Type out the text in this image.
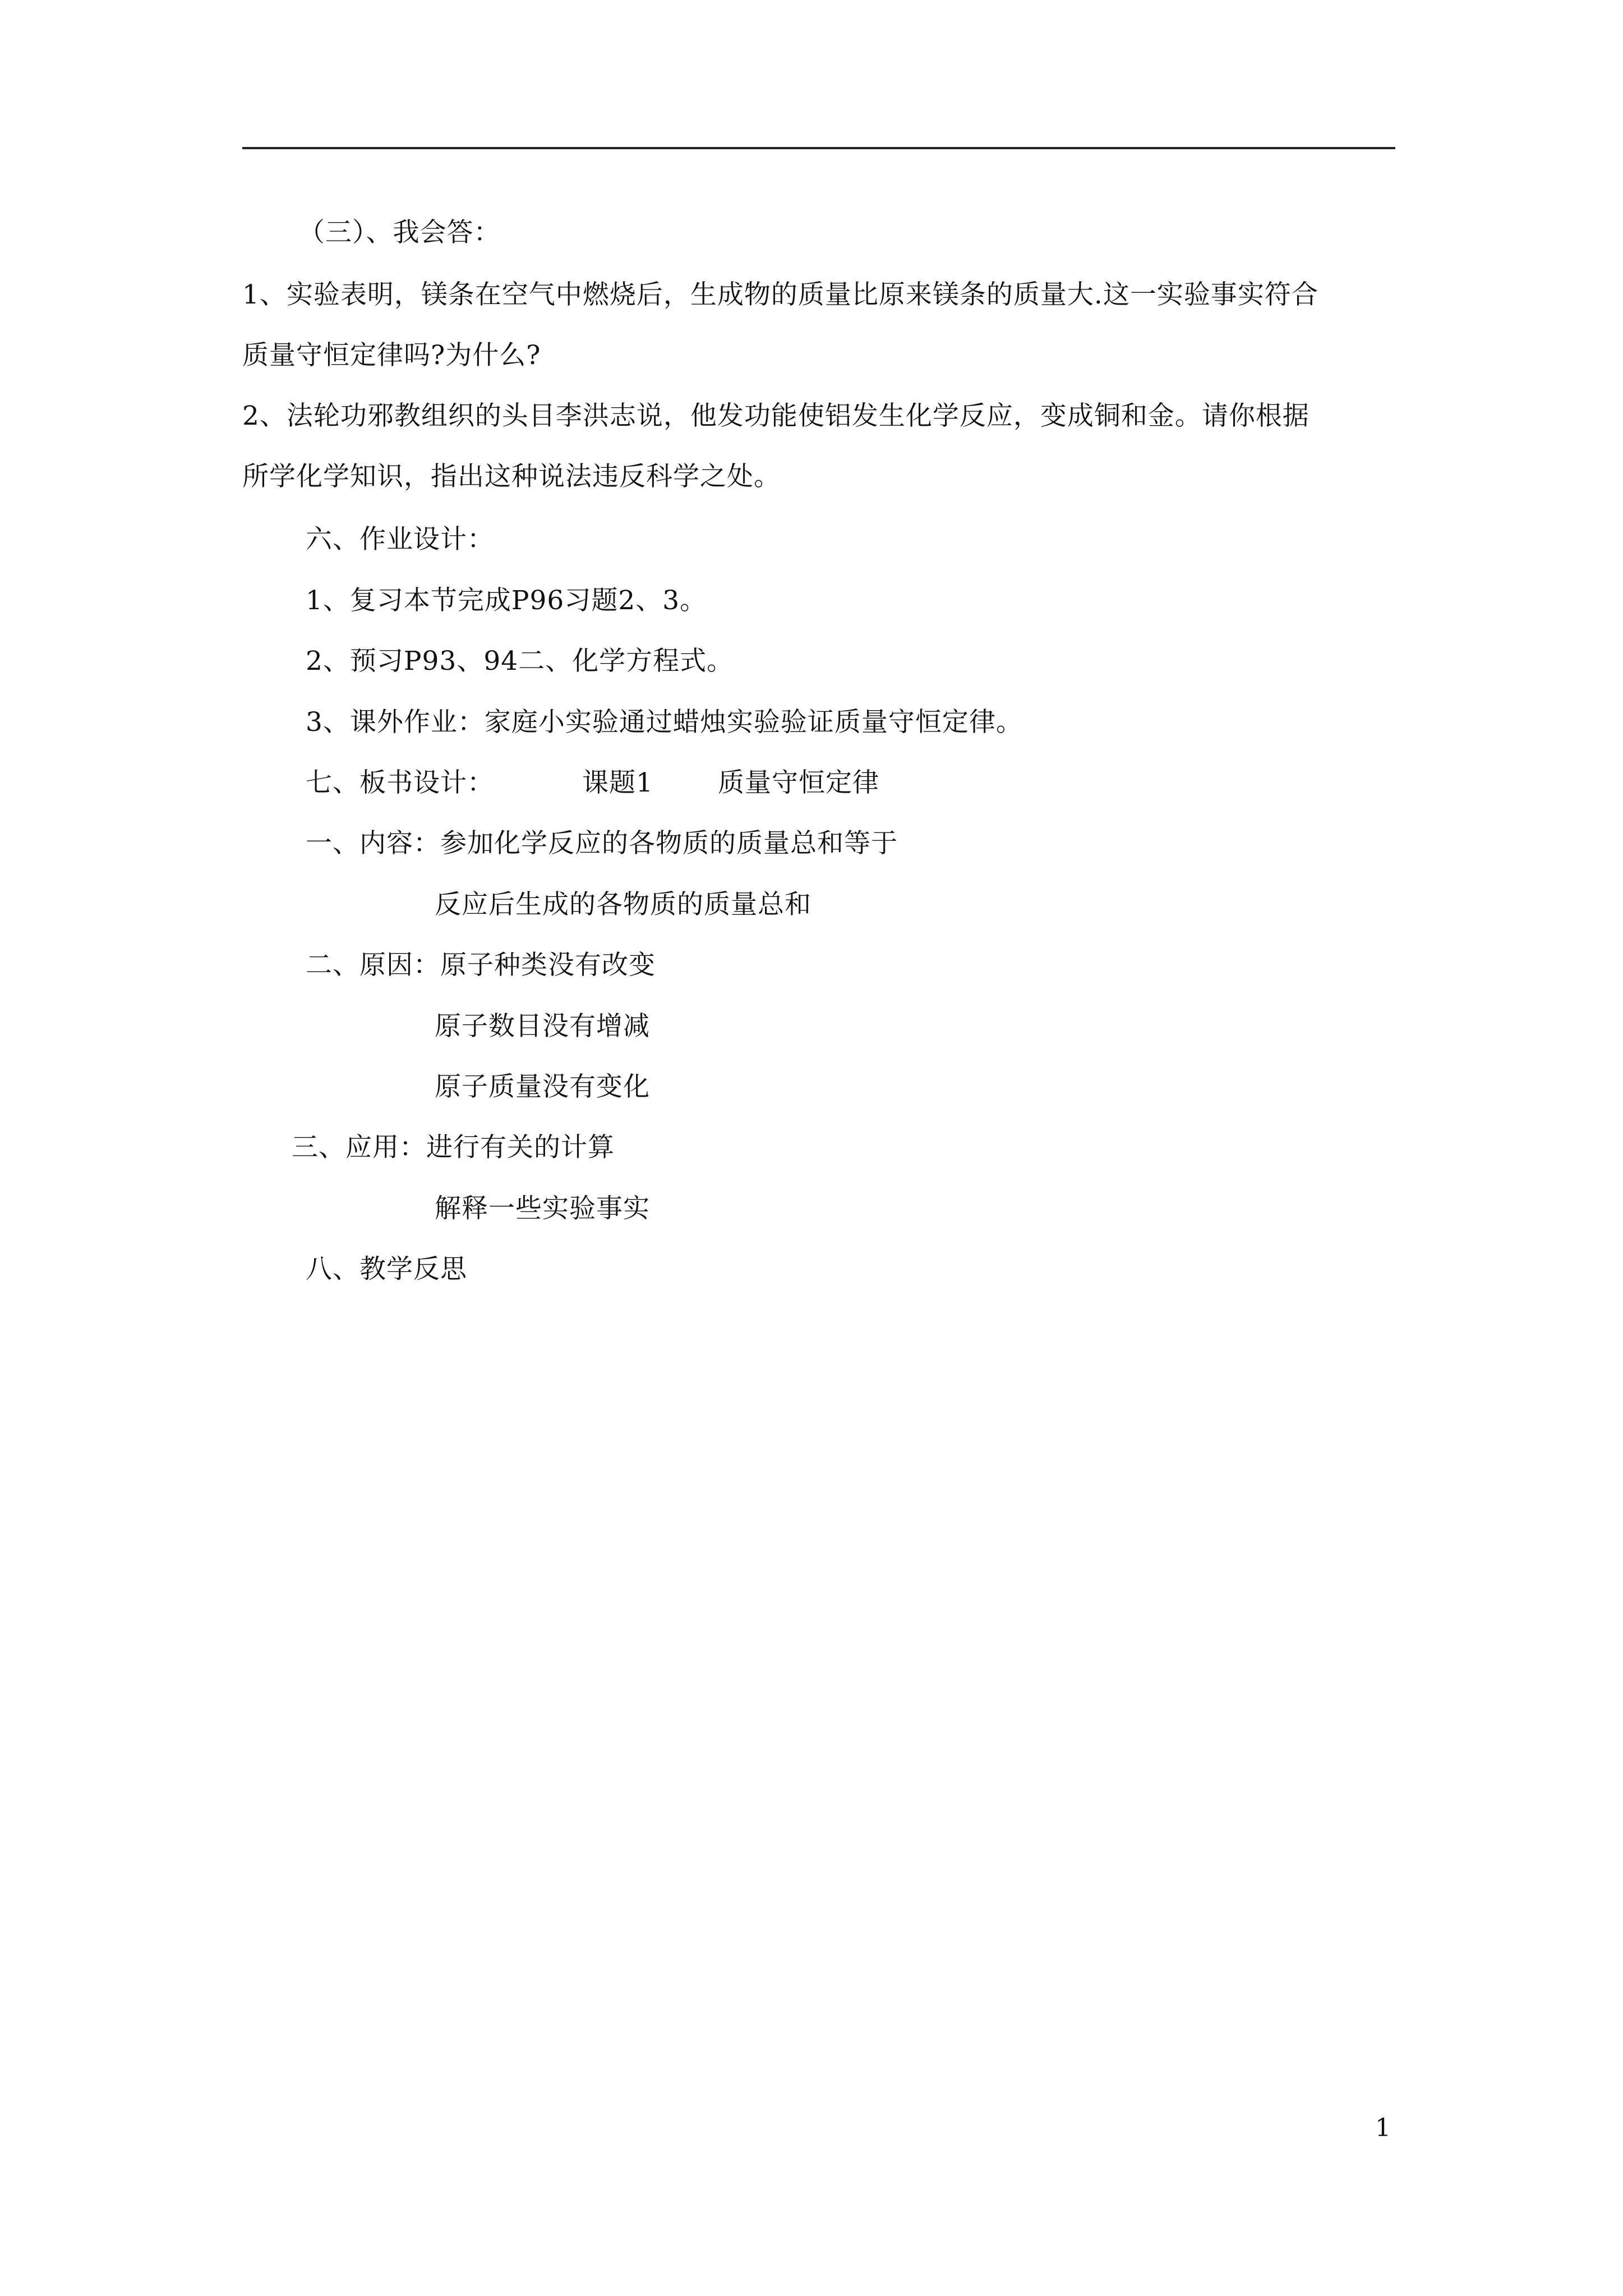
（三）、我会答：
1、实验表明，镁条在空气中燃烧后，生成物的质量比原来镁条的质量大.这一实验事实符合
质量守恒定律吗?为什么?
2、法轮功邪教组织的头目李洪志说，他发功能使铝发生化学反应，变成铜和金。请你根据
所学化学知识，指出这种说法违反科学之处。
六、作业设计：
1、复习本节完成P96习题2、3。
2、预习P93、94二、化学方程式。
3、课外作业：家庭小实验通过蜡烛实验验证质量守恒定律。
七、板书设计：	课题1 质量守恒定律
一、内容：参加化学反应的各物质的质量总和等于
反应后生成的各物质的质量总和
二、原因：原子种类没有改变
原子数目没有增减
原子质量没有变化
三、应用：进行有关的计算
解释一些实验事实
八、教学反思
1
